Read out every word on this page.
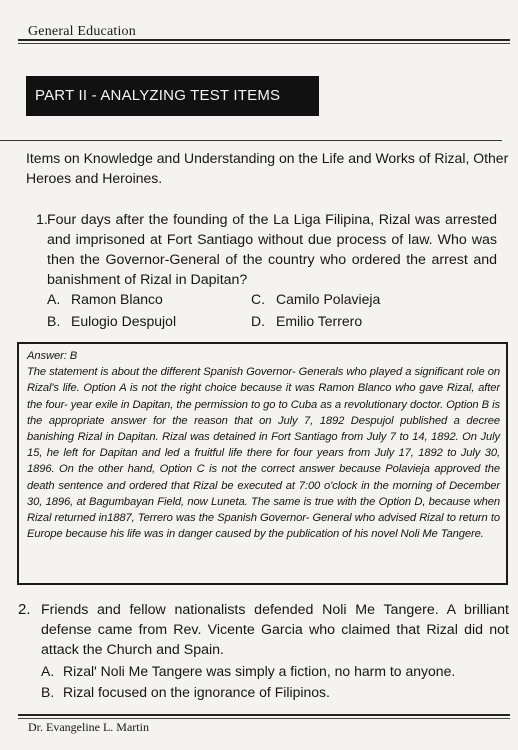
General Education
PART II - ANALYZING TEST ITEMS
Items on Knowledge and Understanding on the Life and Works of Rizal, Other Heroes and Heroines.
1. Four days after the founding of the La Liga Filipina, Rizal was arrested and imprisoned at Fort Santiago without due process of law. Who was then the Governor-General of the country who ordered the arrest and banishment of Rizal in Dapitan?
A. Ramon Blanco
B. Eulogio Despujol
C. Camilo Polavieja
D. Emilio Terrero
Answer: B
The statement is about the different Spanish Governor- Generals who played a significant role on Rizal's life. Option A is not the right choice because it was Ramon Blanco who gave Rizal, after the four- year exile in Dapitan, the permission to go to Cuba as a revolutionary doctor. Option B is the appropriate answer for the reason that on July 7, 1892 Despujol published a decree banishing Rizal in Dapitan. Rizal was detained in Fort Santiago from July 7 to 14, 1892. On July 15, he left for Dapitan and led a fruitful life there for four years from July 17, 1892 to July 30, 1896. On the other hand, Option C is not the correct answer because Polavieja approved the death sentence and ordered that Rizal be executed at 7:00 o'clock in the morning of December 30, 1896, at Bagumbayan Field, now Luneta. The same is true with the Option D, because when Rizal returned in1887, Terrero was the Spanish Governor- General who advised Rizal to return to Europe because his life was in danger caused by the publication of his novel Noli Me Tangere.
2. Friends and fellow nationalists defended Noli Me Tangere. A brilliant defense came from Rev. Vicente Garcia who claimed that Rizal did not attack the Church and Spain.
A. Rizal' Noli Me Tangere was simply a fiction, no harm to anyone.
B. Rizal focused on the ignorance of Filipinos.
Dr. Evangeline L. Martin
